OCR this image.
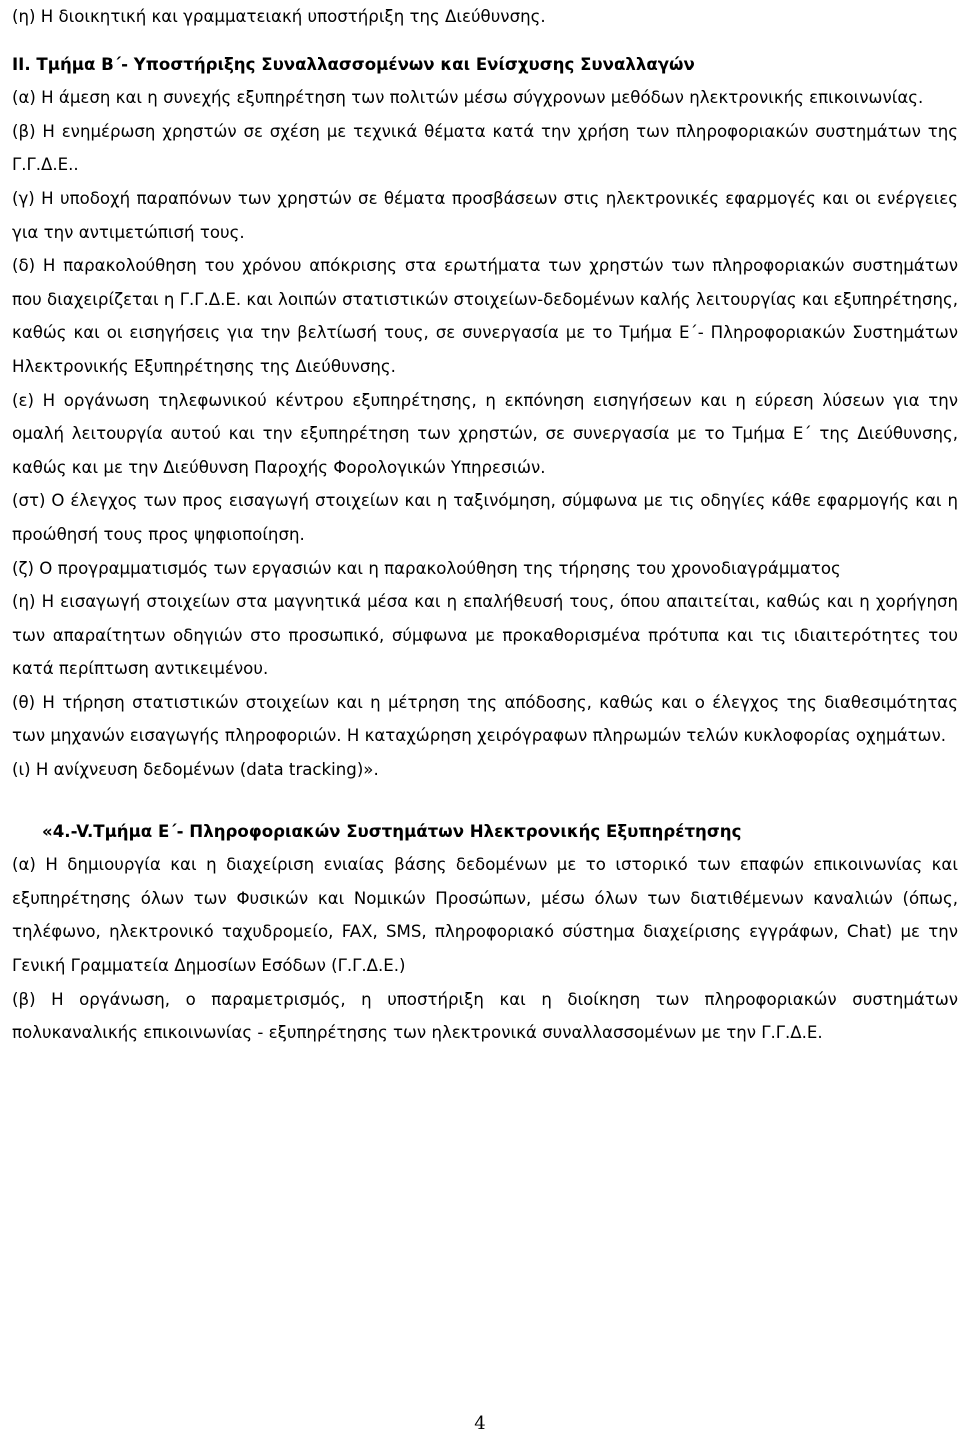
(η) Η διοικητική και γραμματειακή υποστήριξη της Διεύθυνσης.

ΙΙ. Τμήμα Β΄- Υποστήριξης Συναλλασσομένων και Ενίσχυσης Συναλλαγών

(α) Η άμεση και η συνεχής εξυπηρέτηση των πολιτών μέσω σύγχρονων μεθόδων ηλεκτρονικής επικοινωνίας.

(β) Η ενημέρωση χρηστών σε σχέση με τεχνικά θέματα κατά την χρήση των πληροφοριακών συστημάτων της Γ.Γ.Δ.Ε..

(γ) Η υποδοχή παραπόνων των χρηστών σε θέματα προσβάσεων στις ηλεκτρονικές εφαρμογές και οι ενέργειες για την αντιμετώπισή τους.

(δ) Η παρακολούθηση του χρόνου απόκρισης στα ερωτήματα των χρηστών των πληροφοριακών συστημάτων που διαχειρίζεται η Γ.Γ.Δ.Ε. και λοιπών στατιστικών στοιχείων-δεδομένων καλής λειτουργίας και εξυπηρέτησης, καθώς και οι εισηγήσεις για την βελτίωσή τους, σε συνεργασία με το Τμήμα Ε΄- Πληροφοριακών Συστημάτων Ηλεκτρονικής Εξυπηρέτησης της Διεύθυνσης.

(ε) Η οργάνωση τηλεφωνικού κέντρου εξυπηρέτησης, η εκπόνηση εισηγήσεων και η εύρεση λύσεων για την ομαλή λειτουργία αυτού και την εξυπηρέτηση των χρηστών, σε συνεργασία με το Τμήμα Ε΄ της Διεύθυνσης, καθώς και με την Διεύθυνση Παροχής Φορολογικών Υπηρεσιών.

(στ) Ο έλεγχος των προς εισαγωγή στοιχείων και η ταξινόμηση, σύμφωνα με τις οδηγίες κάθε εφαρμογής και η προώθησή τους προς ψηφιοποίηση.

(ζ) Ο προγραμματισμός των εργασιών και η παρακολούθηση της τήρησης του χρονοδιαγράμματος

(η) Η εισαγωγή στοιχείων στα μαγνητικά μέσα και η επαλήθευσή τους, όπου απαιτείται, καθώς και η χορήγηση των απαραίτητων οδηγιών στο προσωπικό, σύμφωνα με προκαθορισμένα πρότυπα και τις ιδιαιτερότητες του κατά περίπτωση αντικειμένου.

(θ) Η τήρηση στατιστικών στοιχείων και η μέτρηση της απόδοσης, καθώς και ο έλεγχος της διαθεσιμότητας των μηχανών εισαγωγής πληροφοριών. Η καταχώρηση χειρόγραφων πληρωμών τελών κυκλοφορίας οχημάτων.

(ι) Η ανίχνευση δεδομένων (data tracking)».

«4.-V.Τμήμα Ε΄- Πληροφοριακών Συστημάτων Ηλεκτρονικής Εξυπηρέτησης

(α) Η δημιουργία και η διαχείριση ενιαίας βάσης δεδομένων με το ιστορικό των επαφών επικοινωνίας και εξυπηρέτησης όλων των Φυσικών και Νομικών Προσώπων, μέσω όλων των διατιθέμενων καναλιών (όπως, τηλέφωνο, ηλεκτρονικό ταχυδρομείο, FAX, SMS, πληροφοριακό σύστημα διαχείρισης εγγράφων, Chat) με την Γενική Γραμματεία Δημοσίων Εσόδων (Γ.Γ.Δ.Ε.)

(β) Η οργάνωση, ο παραμετρισμός, η υποστήριξη και η διοίκηση των πληροφοριακών συστημάτων πολυκαναλικής επικοινωνίας - εξυπηρέτησης των ηλεκτρονικά συναλλασσομένων με την Γ.Γ.Δ.Ε.

4
